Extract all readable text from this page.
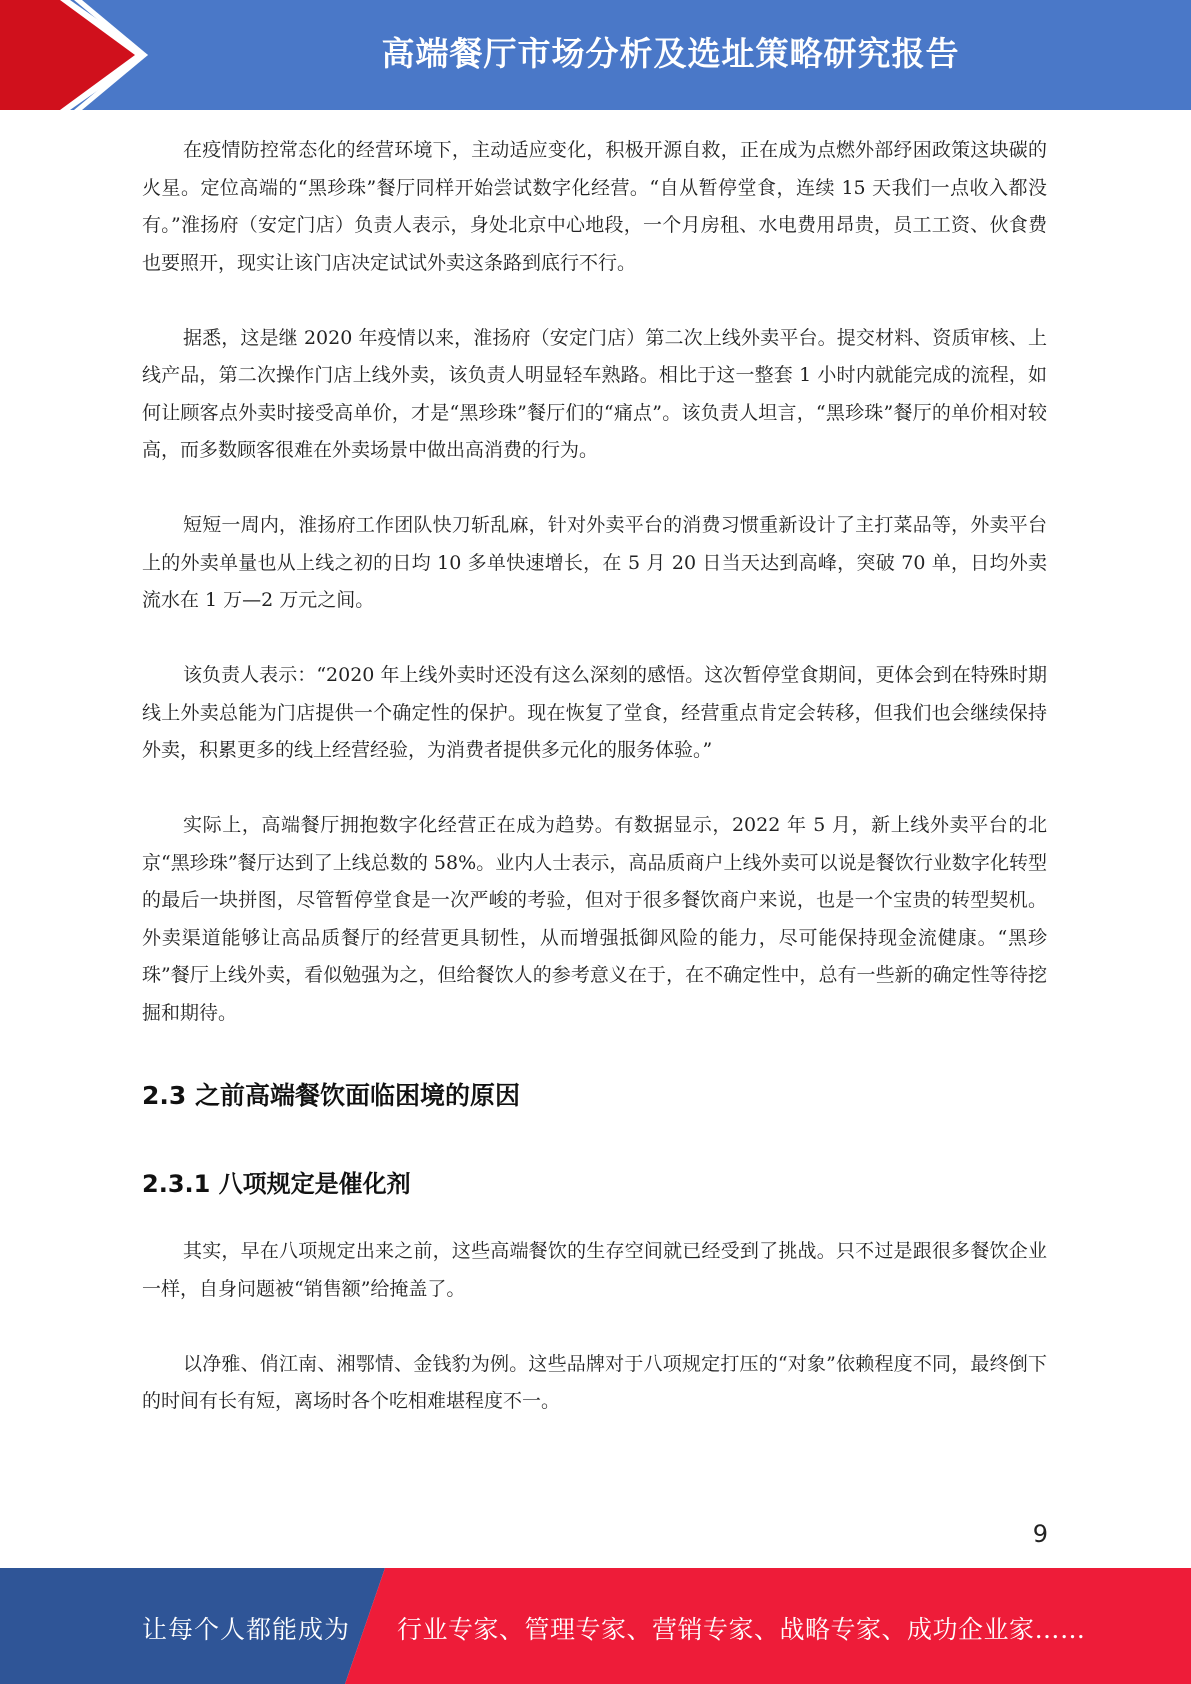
高端餐厅市场分析及选址策略研究报告

在疫情防控常态化的经营环境下，主动适应变化，积极开源自救，正在成为点燃外部纾困政策这块碳的火星。定位高端的“黑珍珠”餐厅同样开始尝试数字化经营。“自从暂停堂食，连续 15 天我们一点收入都没有。”淮扬府（安定门店）负责人表示，身处北京中心地段，一个月房租、水电费用昂贵，员工工资、伙食费也要照开，现实让该门店决定试试外卖这条路到底行不行。

据悉，这是继 2020 年疫情以来，淮扬府（安定门店）第二次上线外卖平台。提交材料、资质审核、上线产品，第二次操作门店上线外卖，该负责人明显轻车熟路。相比于这一整套 1 小时内就能完成的流程，如何让顾客点外卖时接受高单价，才是“黑珍珠”餐厅们的“痛点”。该负责人坦言，“黑珍珠”餐厅的单价相对较高，而多数顾客很难在外卖场景中做出高消费的行为。

短短一周内，淮扬府工作团队快刀斩乱麻，针对外卖平台的消费习惯重新设计了主打菜品等，外卖平台上的外卖单量也从上线之初的日均 10 多单快速增长，在 5 月 20 日当天达到高峰，突破 70 单，日均外卖流水在 1 万—2 万元之间。

该负责人表示：“2020 年上线外卖时还没有这么深刻的感悟。这次暂停堂食期间，更体会到在特殊时期线上外卖总能为门店提供一个确定性的保护。现在恢复了堂食，经营重点肯定会转移，但我们也会继续保持外卖，积累更多的线上经营经验，为消费者提供多元化的服务体验。”

实际上，高端餐厅拥抱数字化经营正在成为趋势。有数据显示，2022 年 5 月，新上线外卖平台的北京“黑珍珠”餐厅达到了上线总数的 58%。业内人士表示，高品质商户上线外卖可以说是餐饮行业数字化转型的最后一块拼图，尽管暂停堂食是一次严峻的考验，但对于很多餐饮商户来说，也是一个宝贵的转型契机。外卖渠道能够让高品质餐厅的经营更具韧性，从而增强抵御风险的能力，尽可能保持现金流健康。“黑珍珠”餐厅上线外卖，看似勉强为之，但给餐饮人的参考意义在于，在不确定性中，总有一些新的确定性等待挖掘和期待。

2.3 之前高端餐饮面临困境的原因
2.3.1 八项规定是催化剂

其实，早在八项规定出来之前，这些高端餐饮的生存空间就已经受到了挑战。只不过是跟很多餐饮企业一样，自身问题被“销售额”给掩盖了。

以净雅、俏江南、湘鄂情、金钱豹为例。这些品牌对于八项规定打压的“对象”依赖程度不同，最终倒下的时间有长有短，离场时各个吃相难堪程度不一。

9
让每个人都能成为 行业专家、管理专家、营销专家、战略专家、成功企业家……
